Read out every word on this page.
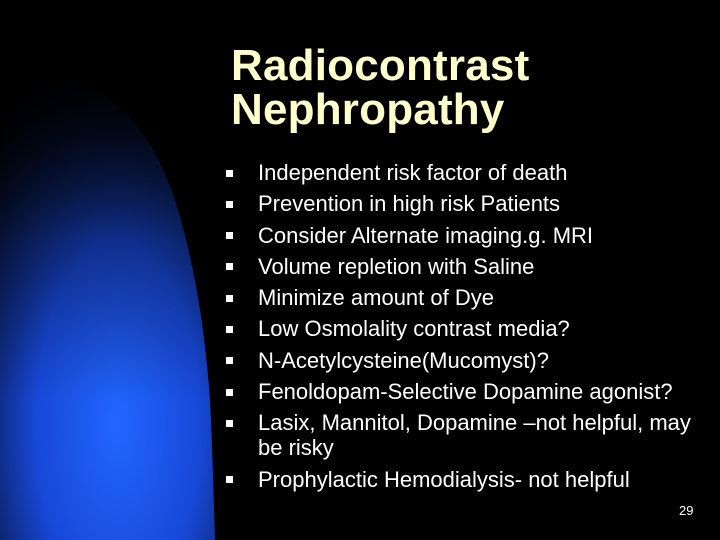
Radiocontrast
Nephropathy
Independent risk factor of death
Prevention in high risk Patients
Consider Alternate imaging.g. MRI
Volume repletion with Saline
Minimize amount of Dye
Low Osmolality contrast media?
N-Acetylcysteine(Mucomyst)?
Fenoldopam-Selective Dopamine agonist?
Lasix, Mannitol, Dopamine –not helpful, may be risky
Prophylactic Hemodialysis- not helpful
29
